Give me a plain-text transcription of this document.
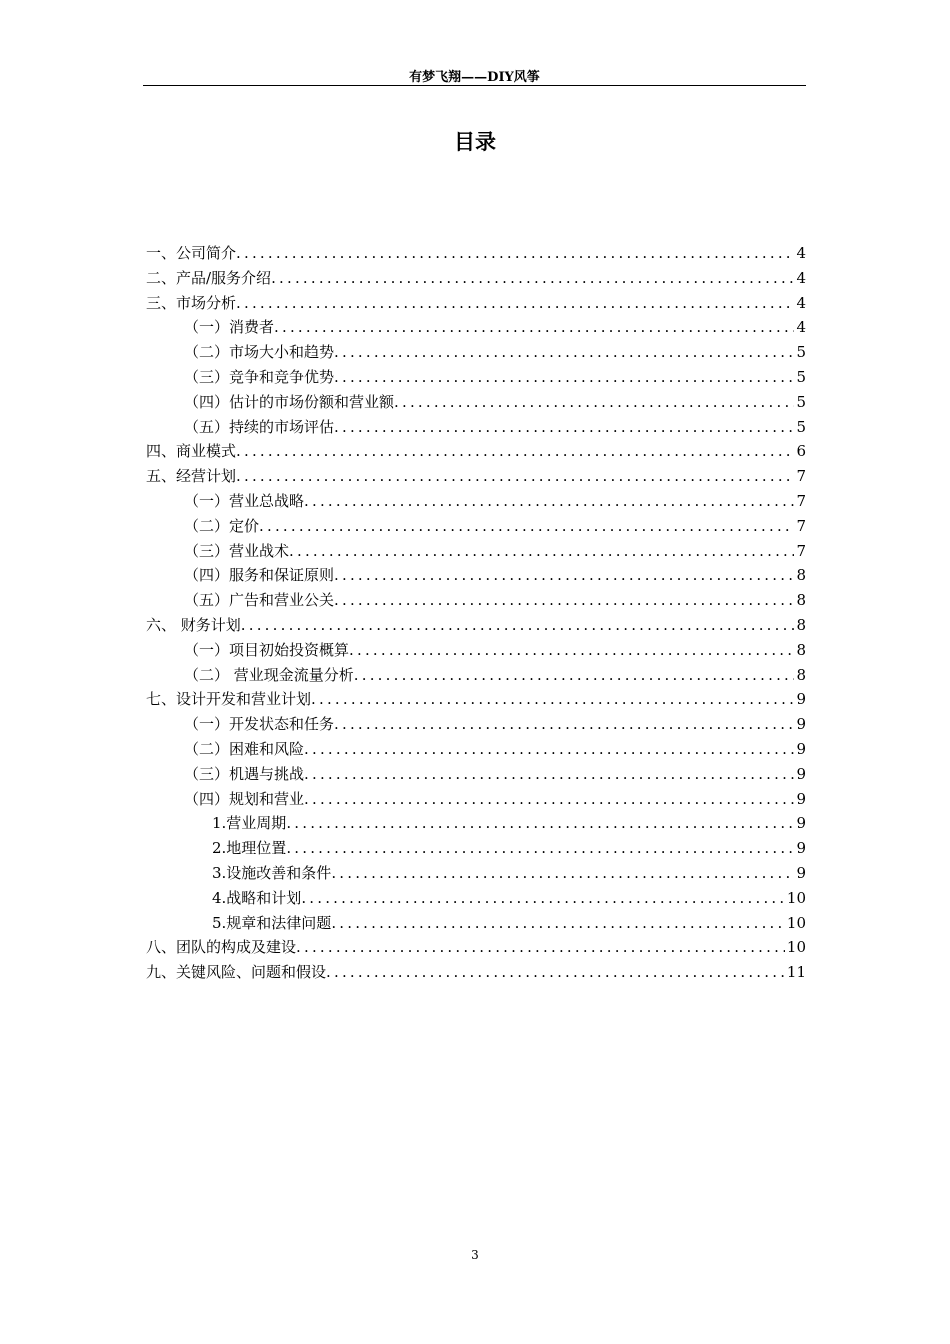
有梦飞翔——DIY风筝
目录
一、公司简介 .....	4
二、产品/服务介绍 .....	4
三、市场分析 .....	4
（一）消费者 .....	4
（二）市场大小和趋势 .....	5
（三）竞争和竞争优势 .....	5
（四）估计的市场份额和营业额 .....	5
（五）持续的市场评估 .....	5
四、商业模式 .....	6
五、经营计划 .....	7
（一）营业总战略 .....	7
（二）定价 .....	7
（三）营业战术 .....	7
（四）服务和保证原则 .....	8
（五）广告和营业公关 .....	8
六、 财务计划 .....	8
（一）项目初始投资概算 .....	8
（二） 营业现金流量分析 .....	8
七、设计开发和营业计划 .....	9
（一）开发状态和任务 .....	9
（二）困难和风险 .....	9
（三）机遇与挑战 .....	9
（四）规划和营业 .....	9
1.营业周期 .....	9
2.地理位置 .....	9
3.设施改善和条件 .....	9
4.战略和计划 .....	10
5.规章和法律问题 .....	10
八、团队的构成及建设 .....	10
九、关键风险、问题和假设 .....	11
3
